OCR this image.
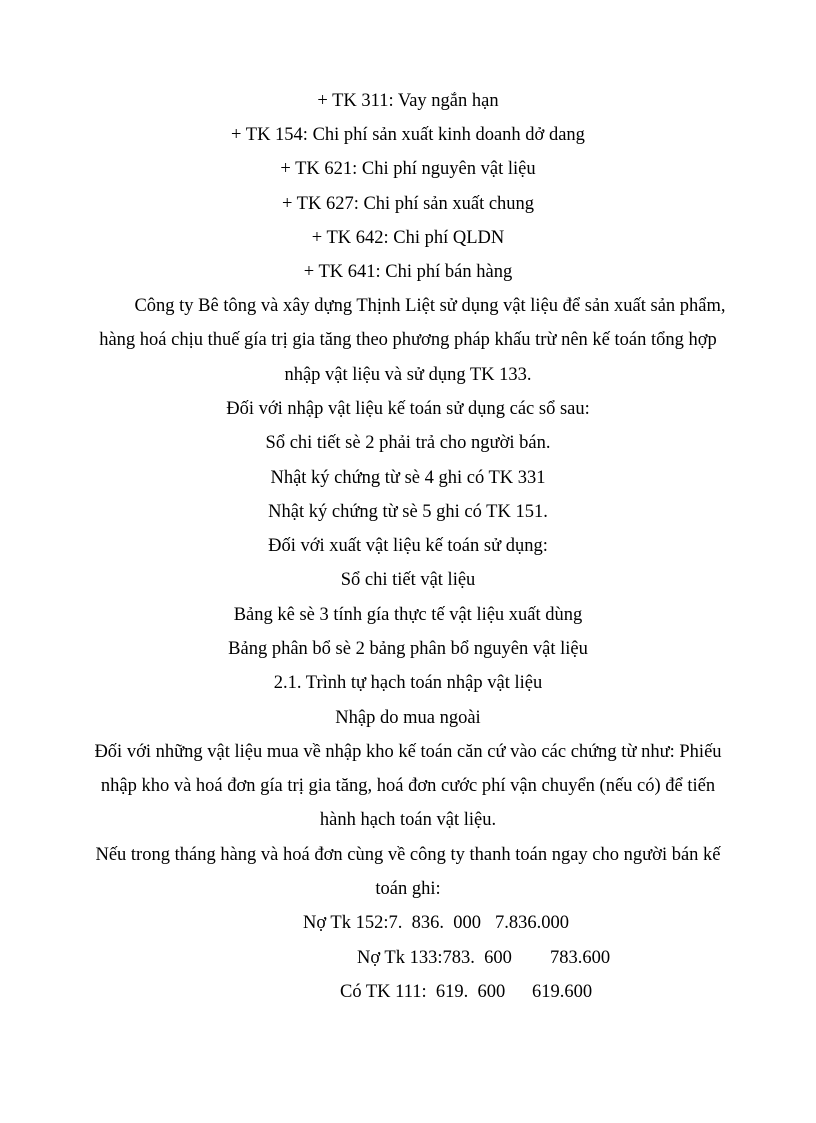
+ TK 311: Vay ngắn hạn
+ TK 154: Chi phí sản xuất kinh doanh dở dang
+ TK 621: Chi phí nguyên vật liệu
+ TK 627: Chi phí sản xuất chung
+ TK 642: Chi phí QLDN
+ TK 641: Chi phí bán hàng
Công ty Bê tông và xây dựng Thịnh Liệt sử dụng vật liệu để sản xuất sản phẩm,
hàng hoá chịu thuế gía trị gia tăng theo phương pháp khấu trừ nên kế toán tổng hợp
nhập vật liệu và sử dụng TK 133.
Đối với nhập vật liệu kế toán sử dụng các sổ sau:
Sổ chi tiết sè 2 phải trả cho người bán.
Nhật ký chứng từ sè 4 ghi có TK 331
Nhật ký chứng từ sè 5 ghi có TK 151.
Đối với xuất vật liệu kế toán sử dụng:
Sổ chi tiết vật liệu
Bảng kê sè 3 tính gía thực tế vật liệu xuất dùng
Bảng phân bổ sè 2 bảng phân bổ nguyên vật liệu
2.1. Trình tự hạch toán nhập vật liệu
Nhập do mua ngoài
Đối với những vật liệu mua về nhập kho kế toán căn cứ vào các chứng từ như: Phiếu
nhập kho và hoá đơn gía trị gia tăng, hoá đơn cước phí vận chuyển (nếu có) để tiến
hành hạch toán vật liệu.
Nếu trong tháng hàng và hoá đơn cùng về công ty thanh toán ngay cho người bán kế
toán ghi:
Nợ Tk 152:7.  836.  000 7.836.000
Nợ Tk 133:783.  600 783.600
Có TK 111:  619.  600 619.600
